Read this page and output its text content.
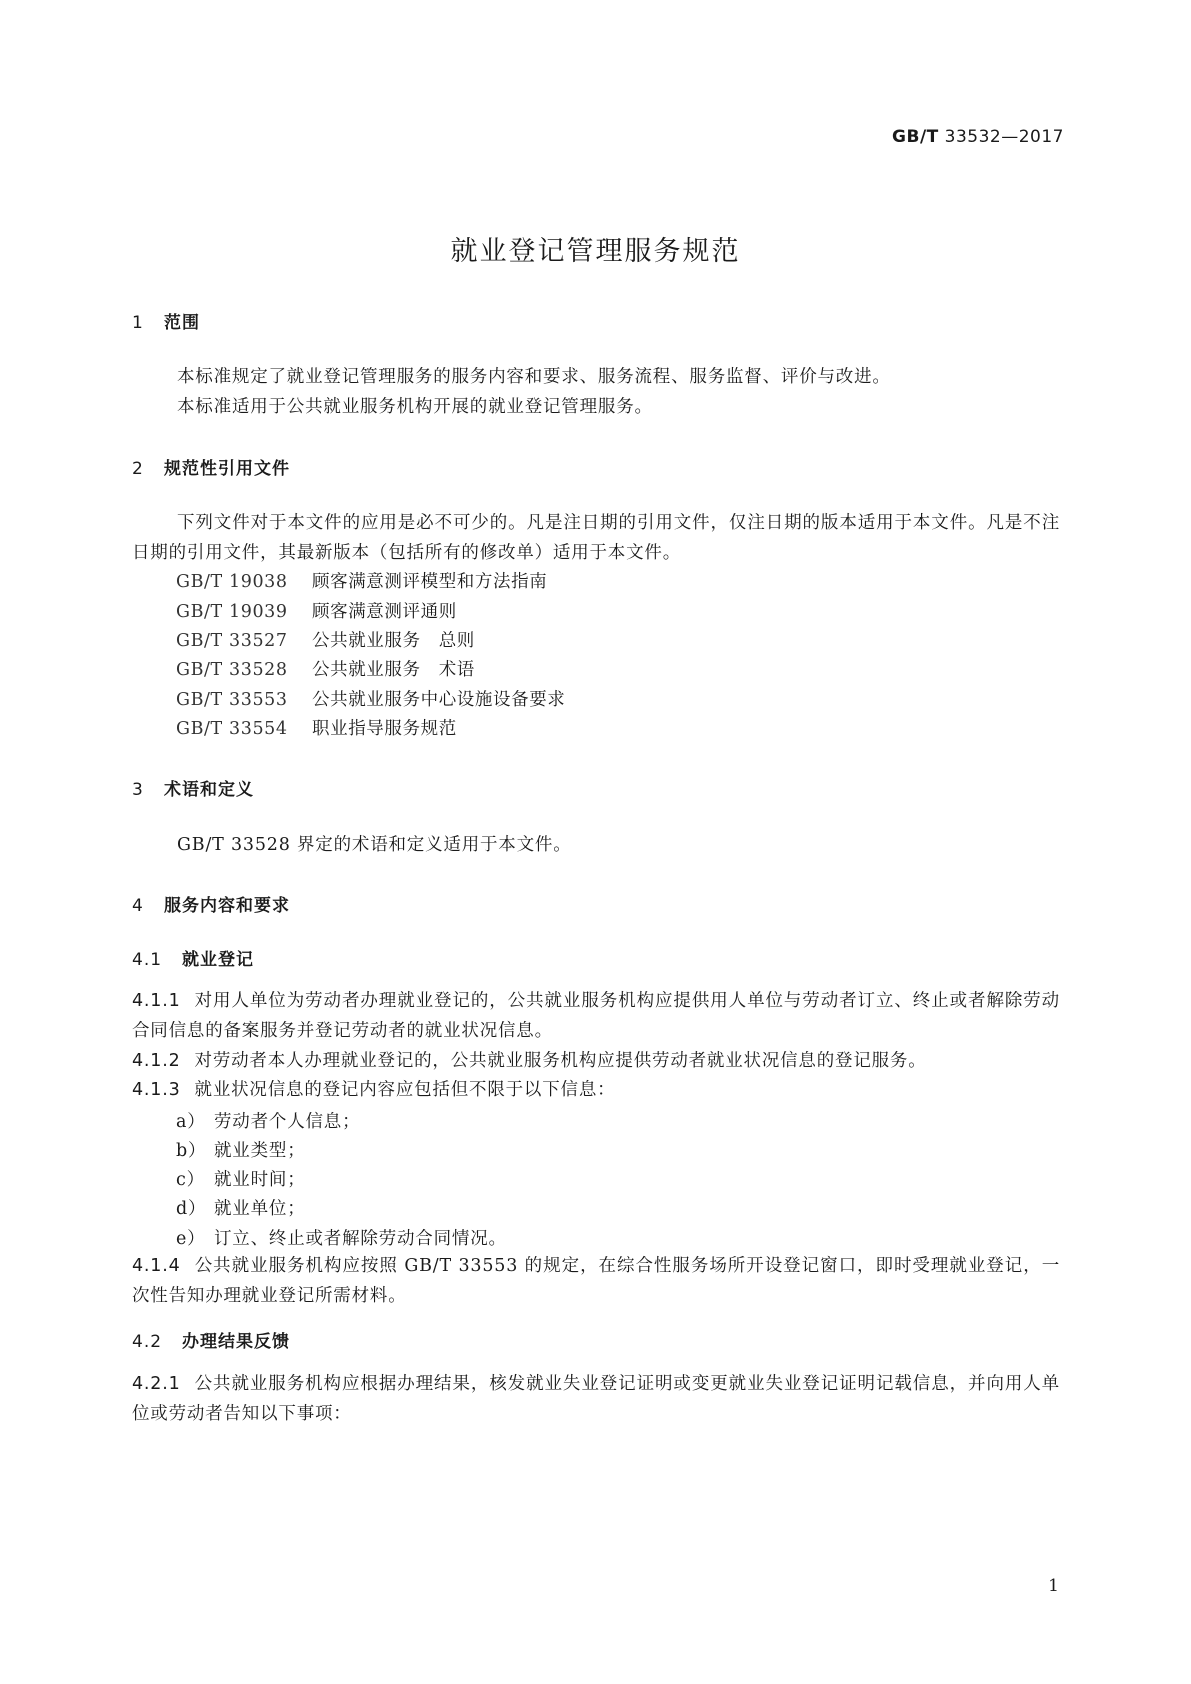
GB/T 33532—2017
就业登记管理服务规范
1 范围
本标准规定了就业登记管理服务的服务内容和要求、服务流程、服务监督、评价与改进。
本标准适用于公共就业服务机构开展的就业登记管理服务。
2 规范性引用文件
下列文件对于本文件的应用是必不可少的。凡是注日期的引用文件，仅注日期的版本适用于本文件。凡是不注日期的引用文件，其最新版本（包括所有的修改单）适用于本文件。
GB/T 19038 顾客满意测评模型和方法指南
GB/T 19039 顾客满意测评通则
GB/T 33527 公共就业服务　总则
GB/T 33528 公共就业服务　术语
GB/T 33553 公共就业服务中心设施设备要求
GB/T 33554 职业指导服务规范
3 术语和定义
GB/T 33528 界定的术语和定义适用于本文件。
4 服务内容和要求
4.1 就业登记
4.1.1 对用人单位为劳动者办理就业登记的，公共就业服务机构应提供用人单位与劳动者订立、终止或者解除劳动合同信息的备案服务并登记劳动者的就业状况信息。
4.1.2 对劳动者本人办理就业登记的，公共就业服务机构应提供劳动者就业状况信息的登记服务。
4.1.3 就业状况信息的登记内容应包括但不限于以下信息：
a） 劳动者个人信息；
b） 就业类型；
c） 就业时间；
d） 就业单位；
e） 订立、终止或者解除劳动合同情况。
4.1.4 公共就业服务机构应按照 GB/T 33553 的规定，在综合性服务场所开设登记窗口，即时受理就业登记，一次性告知办理就业登记所需材料。
4.2 办理结果反馈
4.2.1 公共就业服务机构应根据办理结果，核发就业失业登记证明或变更就业失业登记证明记载信息，并向用人单位或劳动者告知以下事项：
1
